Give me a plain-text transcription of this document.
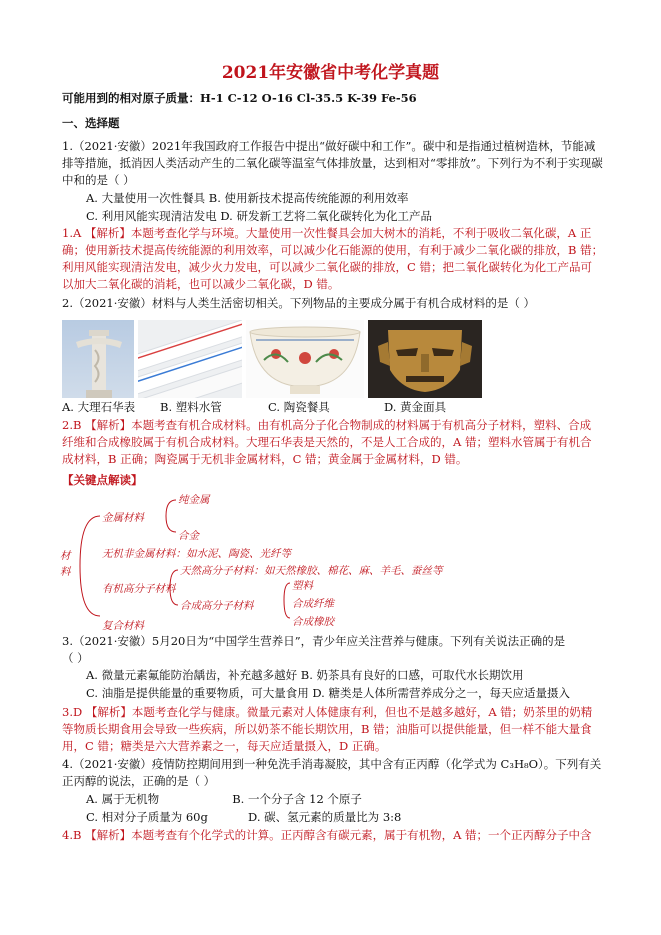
2021年安徽省中考化学真题
可能用到的相对原子质量：H-1 C-12 O-16 Cl-35.5 K-39 Fe-56
一、选择题
1.（2021·安徽）2021年我国政府工作报告中提出“做好碳中和工作”。碳中和是指通过植树造林，节能减
排等措施，抵消因人类活动产生的二氧化碳等温室气体排放量，达到相对“零排放”。下列行为不利于实现碳
中和的是（ ）
A. 大量使用一次性餐具 B. 使用新技术提高传统能源的利用效率
C. 利用风能实现清洁发电 D. 研发新工艺将二氧化碳转化为化工产品
1.A 【解析】本题考查化学与环境。大量使用一次性餐具会加大树木的消耗，不利于吸收二氧化碳，A 正
确；使用新技术提高传统能源的利用效率，可以减少化石能源的使用，有利于减少二氧化碳的排放，B 错；
利用风能实现清洁发电，减少火力发电，可以减少二氧化碳的排放，C 错；把二氧化碳转化为化工产品可
以加大二氧化碳的消耗，也可以减少二氧化碳，D 错。
2.（2021·安徽）材料与人类生活密切相关。下列物品的主要成分属于有机合成材料的是（ ）
A. 大理石华表 B. 塑料水管	C. 陶瓷餐具	D. 黄金面具
2.B 【解析】本题考查有机合成材料。由有机高分子化合物制成的材料属于有机高分子材料，塑料、合成
纤维和合成橡胶属于有机合成材料。大理石华表是天然的，不是人工合成的，A 错；塑料水管属于有机合
成材料，B 正确；陶瓷属于无机非金属材料，C 错；黄金属于金属材料，D 错。
【关键点解读】
材
料
金属材料
纯金属
合金
无机非金属材料：如水泥、陶瓷、光纤等
有机高分子材料
天然高分子材料：如天然橡胶、棉花、麻、羊毛、蚕丝等
合成高分子材料
塑料
合成纤维
合成橡胶
复合材料
3.（2021·安徽）5月20日为“中国学生营养日”，青少年应关注营养与健康。下列有关说法正确的是
（ ）
A. 微量元素氟能防治龋齿，补充越多越好 B. 奶茶具有良好的口感，可取代水长期饮用
C. 油脂是提供能量的重要物质，可大量食用 D. 糖类是人体所需营养成分之一，每天应适量摄入
3.D 【解析】本题考查化学与健康。微量元素对人体健康有利，但也不是越多越好，A 错；奶茶里的奶精
等物质长期食用会导致一些疾病，所以奶茶不能长期饮用，B 错；油脂可以提供能量，但一样不能大量食
用，C 错；糖类是六大营养素之一，每天应适量摄入，D 正确。
4.（2021·安徽）疫情防控期间用到一种免洗手消毒凝胶，其中含有正丙醇（化学式为 C₃H₈O）。下列有关
正丙醇的说法，正确的是（ ）
A. 属于无机物                    B. 一个分子含 12 个原子
C. 相对分子质量为 60g           D. 碳、氢元素的质量比为 3:8
4.B 【解析】本题考查有个化学式的计算。正丙醇含有碳元素，属于有机物，A 错；一个正丙醇分子中含
